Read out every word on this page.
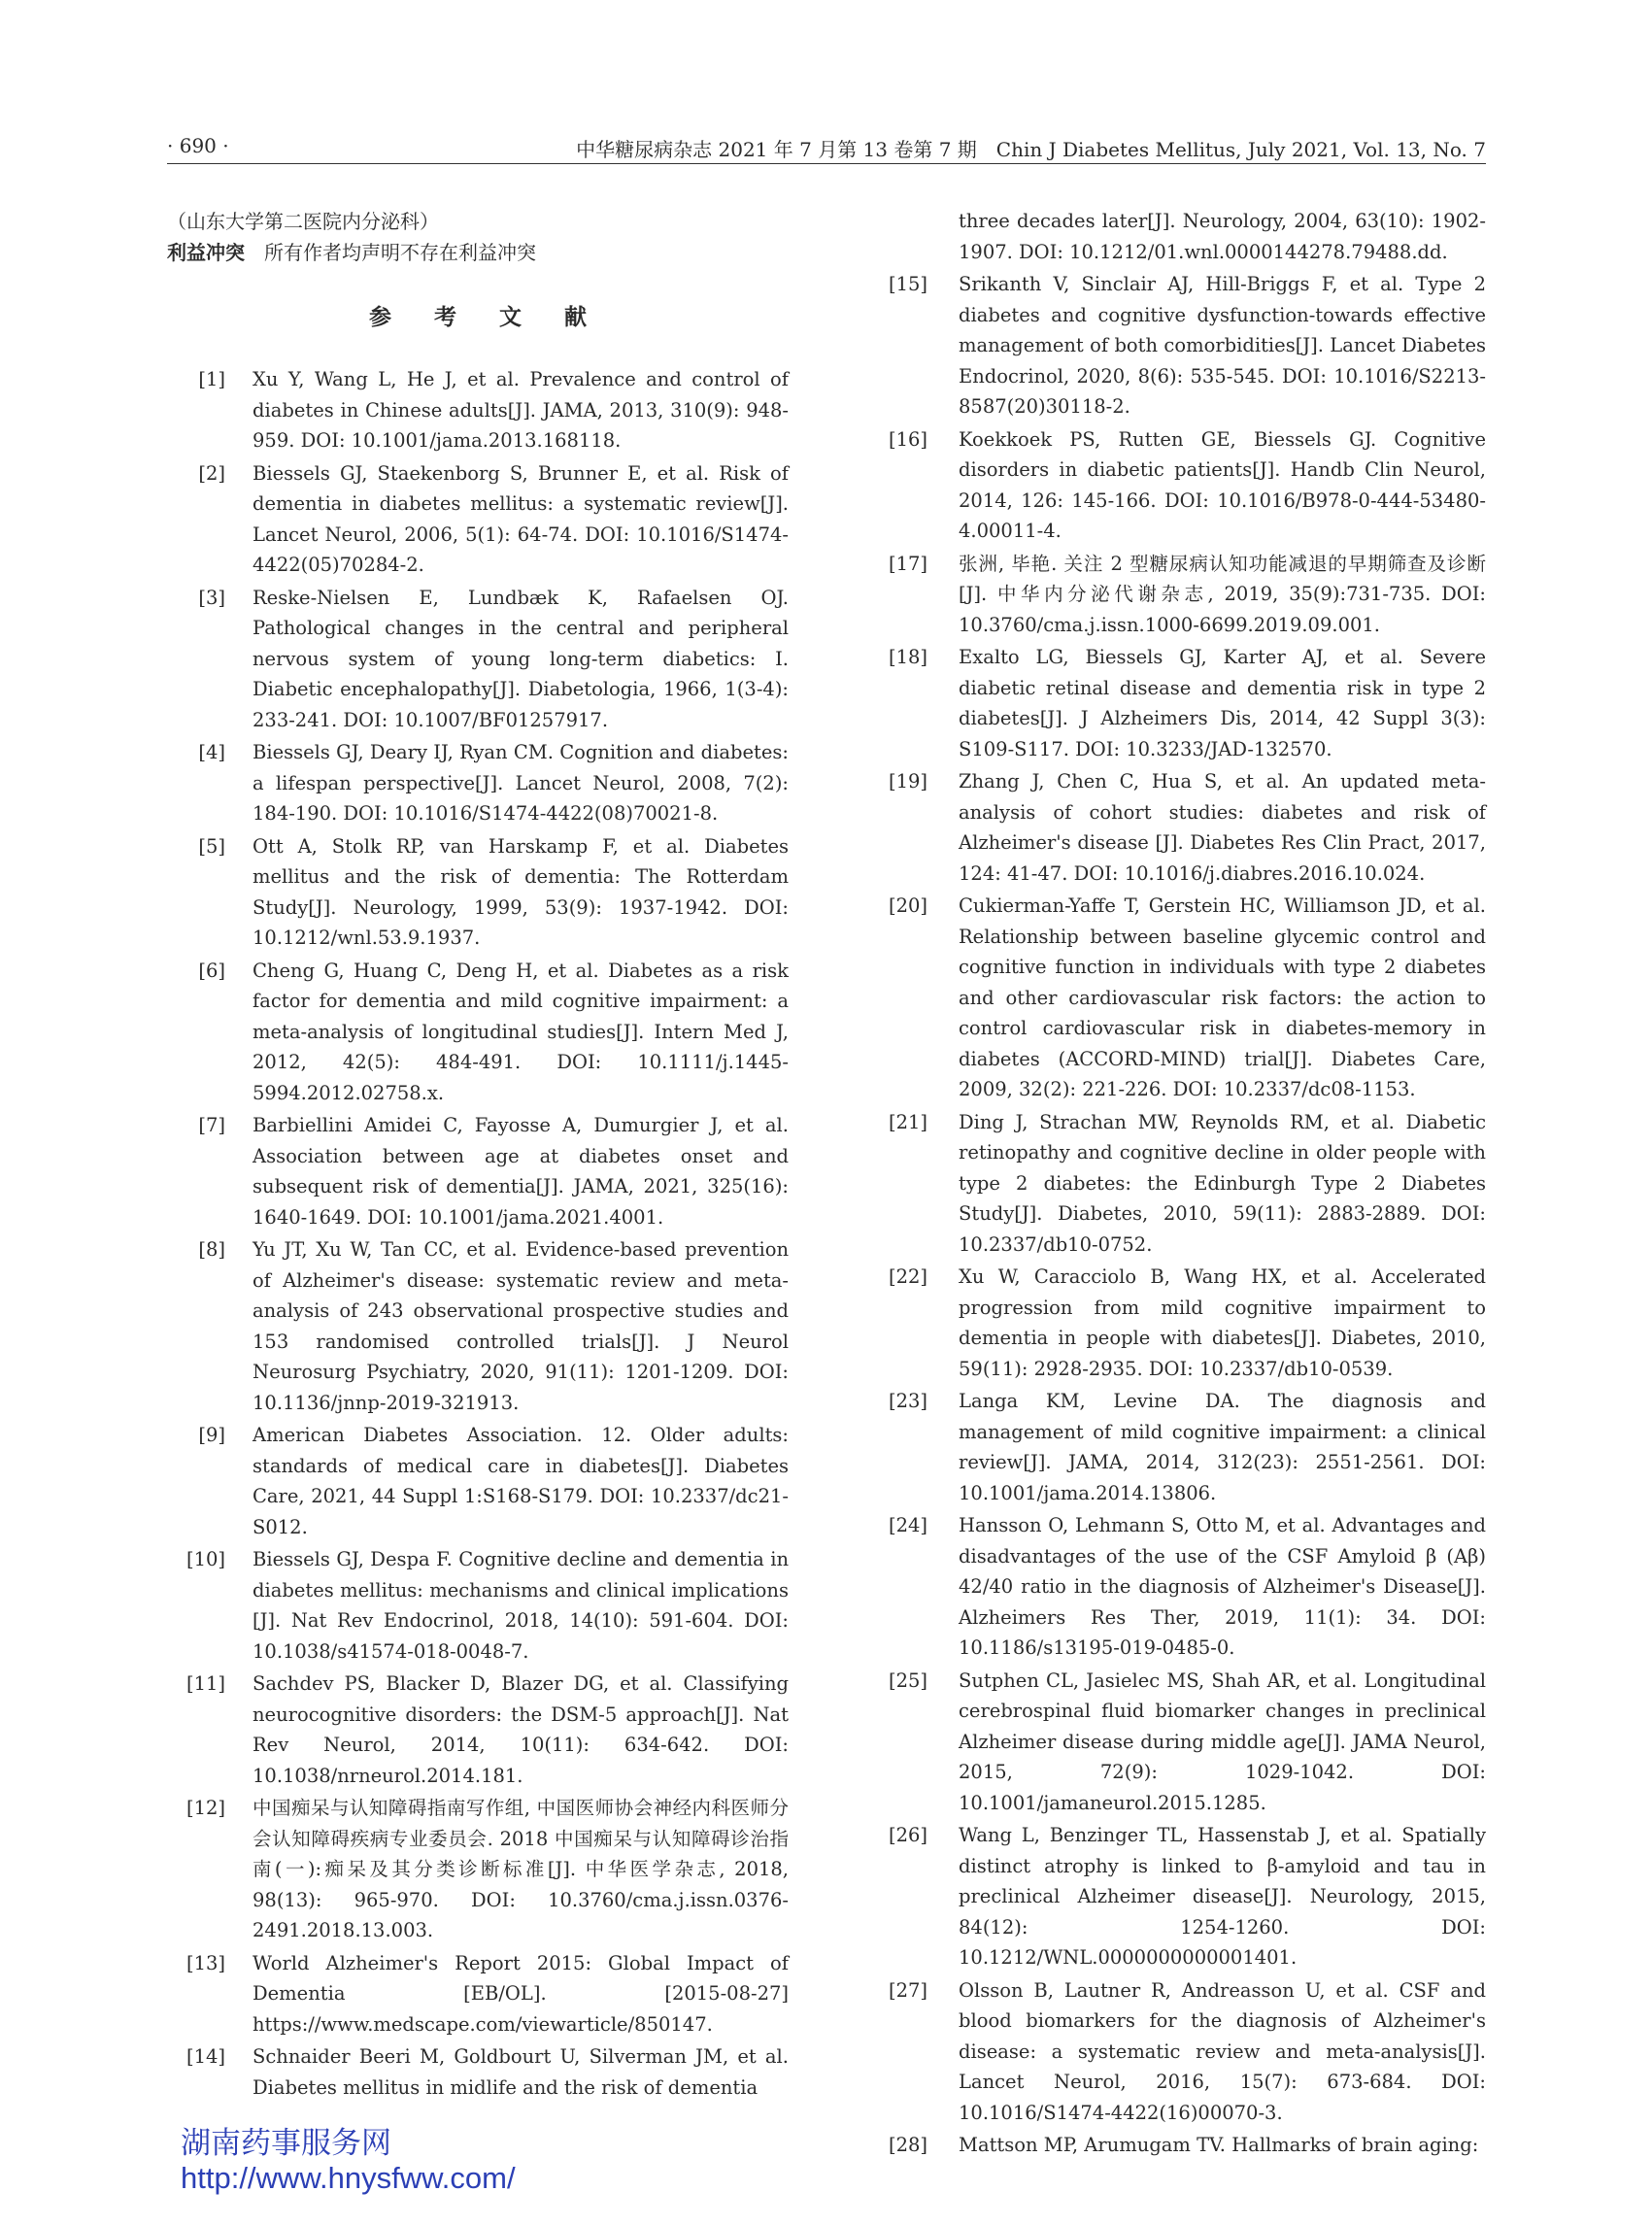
· 690 ·	中华糖尿病杂志 2021 年 7 月第 13 卷第 7 期　Chin J Diabetes Mellitus, July 2021, Vol. 13, No. 7
（山东大学第二医院内分泌科）
利益冲突 所有作者均声明不存在利益冲突
参 考 文 献
[1] Xu Y, Wang L, He J, et al. Prevalence and control of diabetes in Chinese adults[J]. JAMA, 2013, 310(9): 948-959. DOI: 10.1001/jama.2013.168118.
[2] Biessels GJ, Staekenborg S, Brunner E, et al. Risk of dementia in diabetes mellitus: a systematic review[J]. Lancet Neurol, 2006, 5(1): 64-74. DOI: 10.1016/S1474-4422(05)70284-2.
[3] Reske-Nielsen E, Lundbæk K, Rafaelsen OJ. Pathological changes in the central and peripheral nervous system of young long-term diabetics: I. Diabetic encephalopathy[J]. Diabetologia, 1966, 1(3-4): 233-241. DOI: 10.1007/BF01257917.
[4] Biessels GJ, Deary IJ, Ryan CM. Cognition and diabetes: a lifespan perspective[J]. Lancet Neurol, 2008, 7(2): 184-190. DOI: 10.1016/S1474-4422(08)70021-8.
[5] Ott A, Stolk RP, van Harskamp F, et al. Diabetes mellitus and the risk of dementia: The Rotterdam Study[J]. Neurology, 1999, 53(9): 1937-1942. DOI: 10.1212/wnl.53.9.1937.
[6] Cheng G, Huang C, Deng H, et al. Diabetes as a risk factor for dementia and mild cognitive impairment: a meta-analysis of longitudinal studies[J]. Intern Med J, 2012, 42(5): 484-491. DOI: 10.1111/j.1445-5994.2012.02758.x.
[7] Barbiellini Amidei C, Fayosse A, Dumurgier J, et al. Association between age at diabetes onset and subsequent risk of dementia[J]. JAMA, 2021, 325(16): 1640-1649. DOI: 10.1001/jama.2021.4001.
[8] Yu JT, Xu W, Tan CC, et al. Evidence-based prevention of Alzheimer's disease: systematic review and meta-analysis of 243 observational prospective studies and 153 randomised controlled trials[J]. J Neurol Neurosurg Psychiatry, 2020, 91(11): 1201-1209. DOI: 10.1136/jnnp-2019-321913.
[9] American Diabetes Association. 12. Older adults: standards of medical care in diabetes[J]. Diabetes Care, 2021, 44 Suppl 1:S168-S179. DOI: 10.2337/dc21-S012.
[10] Biessels GJ, Despa F. Cognitive decline and dementia in diabetes mellitus: mechanisms and clinical implications [J]. Nat Rev Endocrinol, 2018, 14(10): 591-604. DOI: 10.1038/s41574-018-0048-7.
[11] Sachdev PS, Blacker D, Blazer DG, et al. Classifying neurocognitive disorders: the DSM-5 approach[J]. Nat Rev Neurol, 2014, 10(11): 634-642. DOI: 10.1038/nrneurol.2014.181.
[12] 中国痴呆与认知障碍指南写作组, 中国医师协会神经内科医师分会认知障碍疾病专业委员会. 2018 中国痴呆与认知障碍诊治指南(一):痴呆及其分类诊断标准[J]. 中华医学杂志, 2018, 98(13): 965-970. DOI: 10.3760/cma.j.issn.0376-2491.2018.13.003.
[13] World Alzheimer's Report 2015: Global Impact of Dementia [EB/OL]. [2015-08-27] https://www.medscape.com/viewarticle/850147.
[14] Schnaider Beeri M, Goldbourt U, Silverman JM, et al. Diabetes mellitus in midlife and the risk of dementia
three decades later[J]. Neurology, 2004, 63(10): 1902-1907. DOI: 10.1212/01.wnl.0000144278.79488.dd.
[15] Srikanth V, Sinclair AJ, Hill-Briggs F, et al. Type 2 diabetes and cognitive dysfunction-towards effective management of both comorbidities[J]. Lancet Diabetes Endocrinol, 2020, 8(6): 535-545. DOI: 10.1016/S2213-8587(20)30118-2.
[16] Koekkoek PS, Rutten GE, Biessels GJ. Cognitive disorders in diabetic patients[J]. Handb Clin Neurol, 2014, 126: 145-166. DOI: 10.1016/B978-0-444-53480-4.00011-4.
[17] 张洲, 毕艳. 关注 2 型糖尿病认知功能减退的早期筛查及诊断[J]. 中华内分泌代谢杂志, 2019, 35(9):731-735. DOI: 10.3760/cma.j.issn.1000-6699.2019.09.001.
[18] Exalto LG, Biessels GJ, Karter AJ, et al. Severe diabetic retinal disease and dementia risk in type 2 diabetes[J]. J Alzheimers Dis, 2014, 42 Suppl 3(3): S109-S117. DOI: 10.3233/JAD-132570.
[19] Zhang J, Chen C, Hua S, et al. An updated meta-analysis of cohort studies: diabetes and risk of Alzheimer's disease [J]. Diabetes Res Clin Pract, 2017, 124: 41-47. DOI: 10.1016/j.diabres.2016.10.024.
[20] Cukierman-Yaffe T, Gerstein HC, Williamson JD, et al. Relationship between baseline glycemic control and cognitive function in individuals with type 2 diabetes and other cardiovascular risk factors: the action to control cardiovascular risk in diabetes-memory in diabetes (ACCORD-MIND) trial[J]. Diabetes Care, 2009, 32(2): 221-226. DOI: 10.2337/dc08-1153.
[21] Ding J, Strachan MW, Reynolds RM, et al. Diabetic retinopathy and cognitive decline in older people with type 2 diabetes: the Edinburgh Type 2 Diabetes Study[J]. Diabetes, 2010, 59(11): 2883-2889. DOI: 10.2337/db10-0752.
[22] Xu W, Caracciolo B, Wang HX, et al. Accelerated progression from mild cognitive impairment to dementia in people with diabetes[J]. Diabetes, 2010, 59(11): 2928-2935. DOI: 10.2337/db10-0539.
[23] Langa KM, Levine DA. The diagnosis and management of mild cognitive impairment: a clinical review[J]. JAMA, 2014, 312(23): 2551-2561. DOI: 10.1001/jama.2014.13806.
[24] Hansson O, Lehmann S, Otto M, et al. Advantages and disadvantages of the use of the CSF Amyloid β (Aβ) 42/40 ratio in the diagnosis of Alzheimer's Disease[J]. Alzheimers Res Ther, 2019, 11(1): 34. DOI: 10.1186/s13195-019-0485-0.
[25] Sutphen CL, Jasielec MS, Shah AR, et al. Longitudinal cerebrospinal fluid biomarker changes in preclinical Alzheimer disease during middle age[J]. JAMA Neurol, 2015, 72(9): 1029-1042. DOI: 10.1001/jamaneurol.2015.1285.
[26] Wang L, Benzinger TL, Hassenstab J, et al. Spatially distinct atrophy is linked to β-amyloid and tau in preclinical Alzheimer disease[J]. Neurology, 2015, 84(12): 1254-1260. DOI: 10.1212/WNL.0000000000001401.
[27] Olsson B, Lautner R, Andreasson U, et al. CSF and blood biomarkers for the diagnosis of Alzheimer's disease: a systematic review and meta-analysis[J]. Lancet Neurol, 2016, 15(7): 673-684. DOI: 10.1016/S1474-4422(16)00070-3.
[28] Mattson MP, Arumugam TV. Hallmarks of brain aging:
湖南药事服务网
http://www.hnysfww.com/
